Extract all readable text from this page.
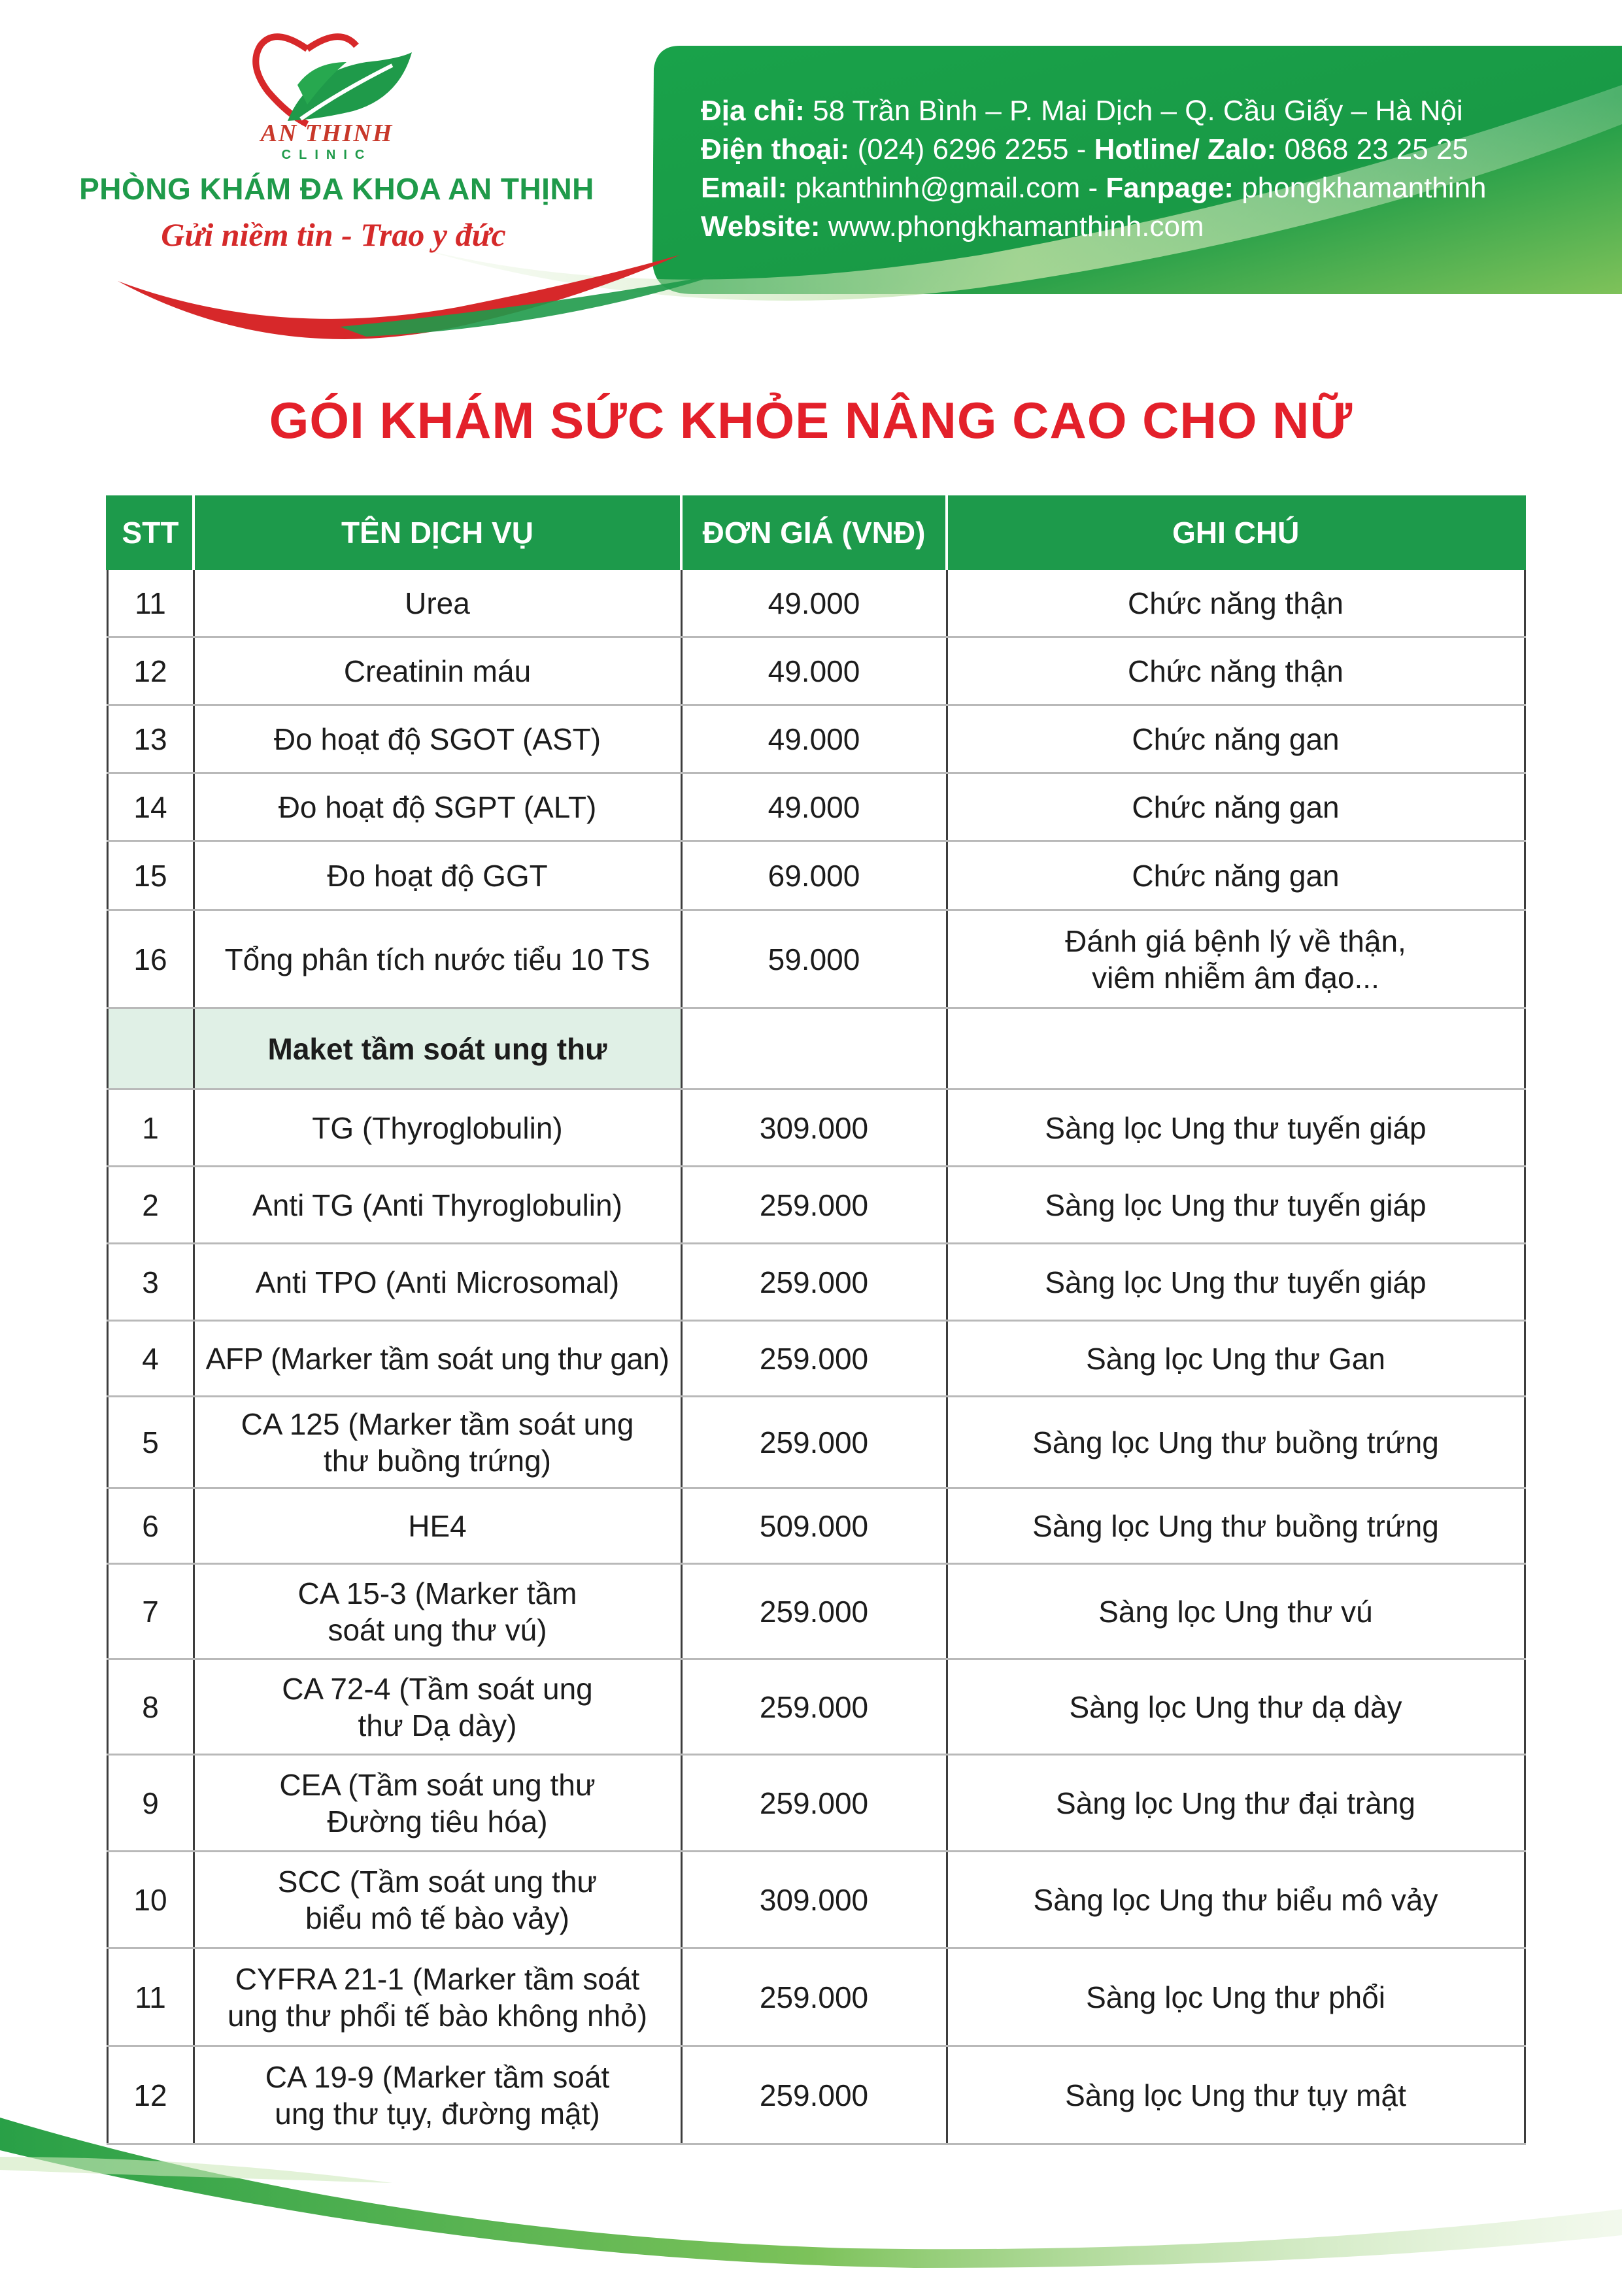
AN THINH
CLINIC
PHÒNG KHÁM ĐA KHOA AN THỊNH
Gửi niềm tin - Trao y đức
Địa chỉ: 58 Trần Bình – P. Mai Dịch – Q. Cầu Giấy – Hà Nội
Điện thoại: (024) 6296 2255 - Hotline/ Zalo: 0868 23 25 25
Email: pkanthinh@gmail.com - Fanpage: phongkhamanthinh
Website: www.phongkhamanthinh.com
GÓI KHÁM SỨC KHỎE NÂNG CAO CHO NỮ
STT	TÊN DỊCH VỤ	ĐƠN GIÁ (VNĐ)	GHI CHÚ
11	Urea	49.000	Chức năng thận
12	Creatinin máu	49.000	Chức năng thận
13	Đo hoạt độ SGOT (AST)	49.000	Chức năng gan
14	Đo hoạt độ SGPT (ALT)	49.000	Chức năng gan
15	Đo hoạt độ GGT	69.000	Chức năng gan
16	Tổng phân tích nước tiểu 10 TS	59.000	Đánh giá bệnh lý về thận,
viêm nhiễm âm đạo...
	Maket tầm soát ung thư		
1	TG (Thyroglobulin)	309.000	Sàng lọc Ung thư tuyến giáp
2	Anti TG (Anti Thyroglobulin)	259.000	Sàng lọc Ung thư tuyến giáp
3	Anti TPO (Anti Microsomal)	259.000	Sàng lọc Ung thư tuyến giáp
4	AFP (Marker tầm soát ung thư gan)	259.000	Sàng lọc Ung thư Gan
5	CA 125 (Marker tầm soát ung
thư buồng trứng)	259.000	Sàng lọc Ung thư buồng trứng
6	HE4	509.000	Sàng lọc Ung thư buồng trứng
7	CA 15-3 (Marker tầm
soát ung thư vú)	259.000	Sàng lọc Ung thư vú
8	CA 72-4 (Tầm soát ung
thư Dạ dày)	259.000	Sàng lọc Ung thư dạ dày
9	CEA (Tầm soát ung thư
Đường tiêu hóa)	259.000	Sàng lọc Ung thư đại tràng
10	SCC (Tầm soát ung thư
biểu mô tế bào vảy)	309.000	Sàng lọc Ung thư biểu mô vảy
11	CYFRA 21-1 (Marker tầm soát
ung thư phổi tế bào không nhỏ)	259.000	Sàng lọc Ung thư phổi
12	CA 19-9 (Marker tầm soát
ung thư tụy, đường mật)	259.000	Sàng lọc Ung thư tụy mật
